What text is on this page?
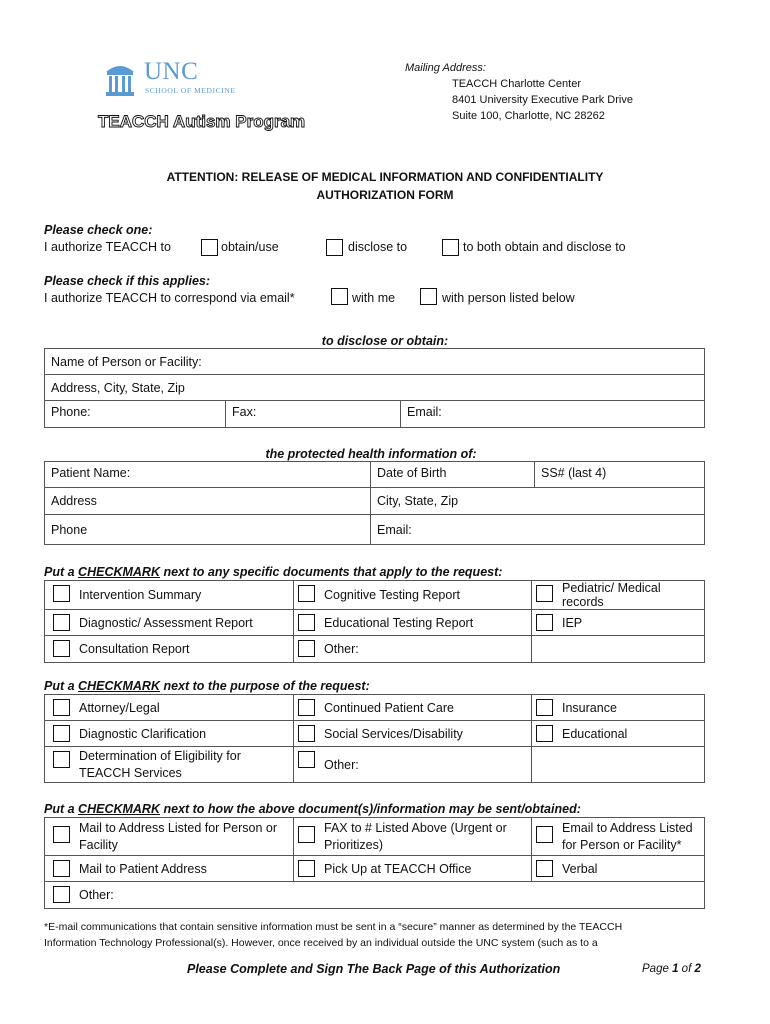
UNC
SCHOOL OF MEDICINE
TEACCH Autism Program
Mailing Address:
TEACCH Charlotte Center
8401 University Executive Park Drive
Suite 100, Charlotte, NC 28262
ATTENTION: RELEASE OF MEDICAL INFORMATION AND CONFIDENTIALITY
AUTHORIZATION FORM
Please check one:
I authorize TEACCH to	obtain/use	disclose to	to both obtain and disclose to
Please check if this applies:
I authorize TEACCH to correspond via email*	with me	with person listed below
to disclose or obtain:
Name of Person or Facility:
Address, City, State, Zip
Phone:	Fax:	Email:
the protected health information of:
Patient Name:	Date of Birth	SS# (last 4)
Address	City, State, Zip	
Phone	Email:	
Put a CHECKMARK next to any specific documents that apply to the request:
Intervention Summary	Cognitive Testing Report	Pediatric/ Medical records

Diagnostic/ Assessment Report	Educational Testing Report	IEP

Consultation Report	Other:	
Put a CHECKMARK next to the purpose of the request:
Attorney/Legal	Continued Patient Care	Insurance

Diagnostic Clarification	Social Services/Disability	Educational

Determination of Eligibility for TEACCH Services	Other:	
Put a CHECKMARK next to how the above document(s)/information may be sent/obtained:
Mail to Address Listed for Person or Facility	FAX to # Listed Above (Urgent or Prioritizes)	Email to Address Listed for Person or Facility*

Mail to Patient Address	Pick Up at TEACCH Office	Verbal

Other:		
*E-mail communications that contain sensitive information must be sent in a “secure” manner as determined by the TEACCH
Information Technology Professional(s). However, once received by an individual outside the UNC system (such as to a
Please Complete and Sign The Back Page of this Authorization	Page 1 of 2
